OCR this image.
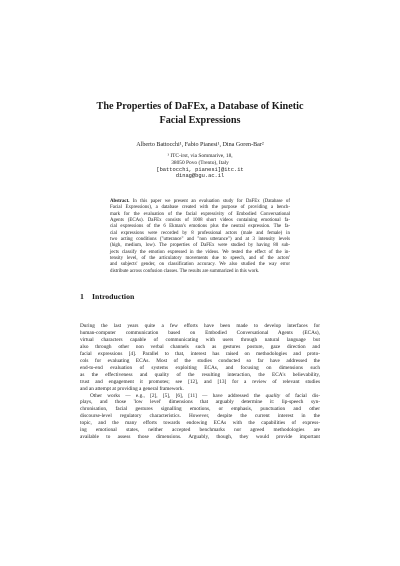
The Properties of DaFEx, a Database of Kinetic
Facial Expressions
Alberto Battocchi¹, Fabio Pianesi¹, Dina Goren-Bar²
¹ ITC-irst, via Sommarive, 18,
38050 Povo (Trento), Italy
[battocchi, pianesi]@itc.it
dinag@bgu.ac.il
Abstract. In this paper we present an evaluation study for DaFEx (Database of
Facial Expressions), a database created with the purpose of providing a bench-
mark for the evaluation of the facial expressivity of Embodied Conversational
Agents (ECAs). DaFEx consists of 1008 short videos containing emotional fa-
cial expressions of the 6 Ekman's emotions plus the neutral expression. The fa-
cial expressions were recorded by 8 professional actors (male and female) in
two acting conditions ("utterance" and "non utterance") and at 3 intensity levels
(high, medium, low). The properties of DaFEx were studied by having 80 sub-
jects classify the emotion expressed in the videos. We tested the effect of the in-
tensity level, of the articulatory movements due to speech, and of the actors'
and subjects' gender, on classification accuracy. We also studied the way error
distribute across confusion classes. The results are summarized in this work.
1 Introduction

During the last years quite a few efforts have been made to develop interfaces for
human-computer communication based on Embodied Conversational Agents (ECAs),
virtual characters capable of communicating with users through natural language but
also through other non verbal channels such as gestures posture, gaze direction and
facial expressions [4]. Parallel to that, interest has raised on methodologies and proto-
cols for evaluating ECAs. Most of the studies conducted so far have addressed the
end-to-end evaluation of systems exploiting ECAs, and focusing on dimensions such
as the effectiveness and quality of the resulting interaction, the ECA's believability,
trust and engagement it promotes; see [12], and [13] for a review of relevant studies
and an attempt at providing a general framework.

Other works — e.g., [2], [5], [6], [11] — have addressed the quality of facial dis-
plays, and those 'low level' dimensions that arguably determine it: lip-speech syn-
chronisation, facial gestures signalling emotions, or emphasis, punctuation and other
discourse-level regulatory characteristics. However, despite the current interest in the
topic, and the many efforts towards endowing ECAs with the capabilities of express-
ing emotional states, neither accepted benchmarks nor agreed methodologies are
available to assess those dimensions. Arguably, though, they would provide important
